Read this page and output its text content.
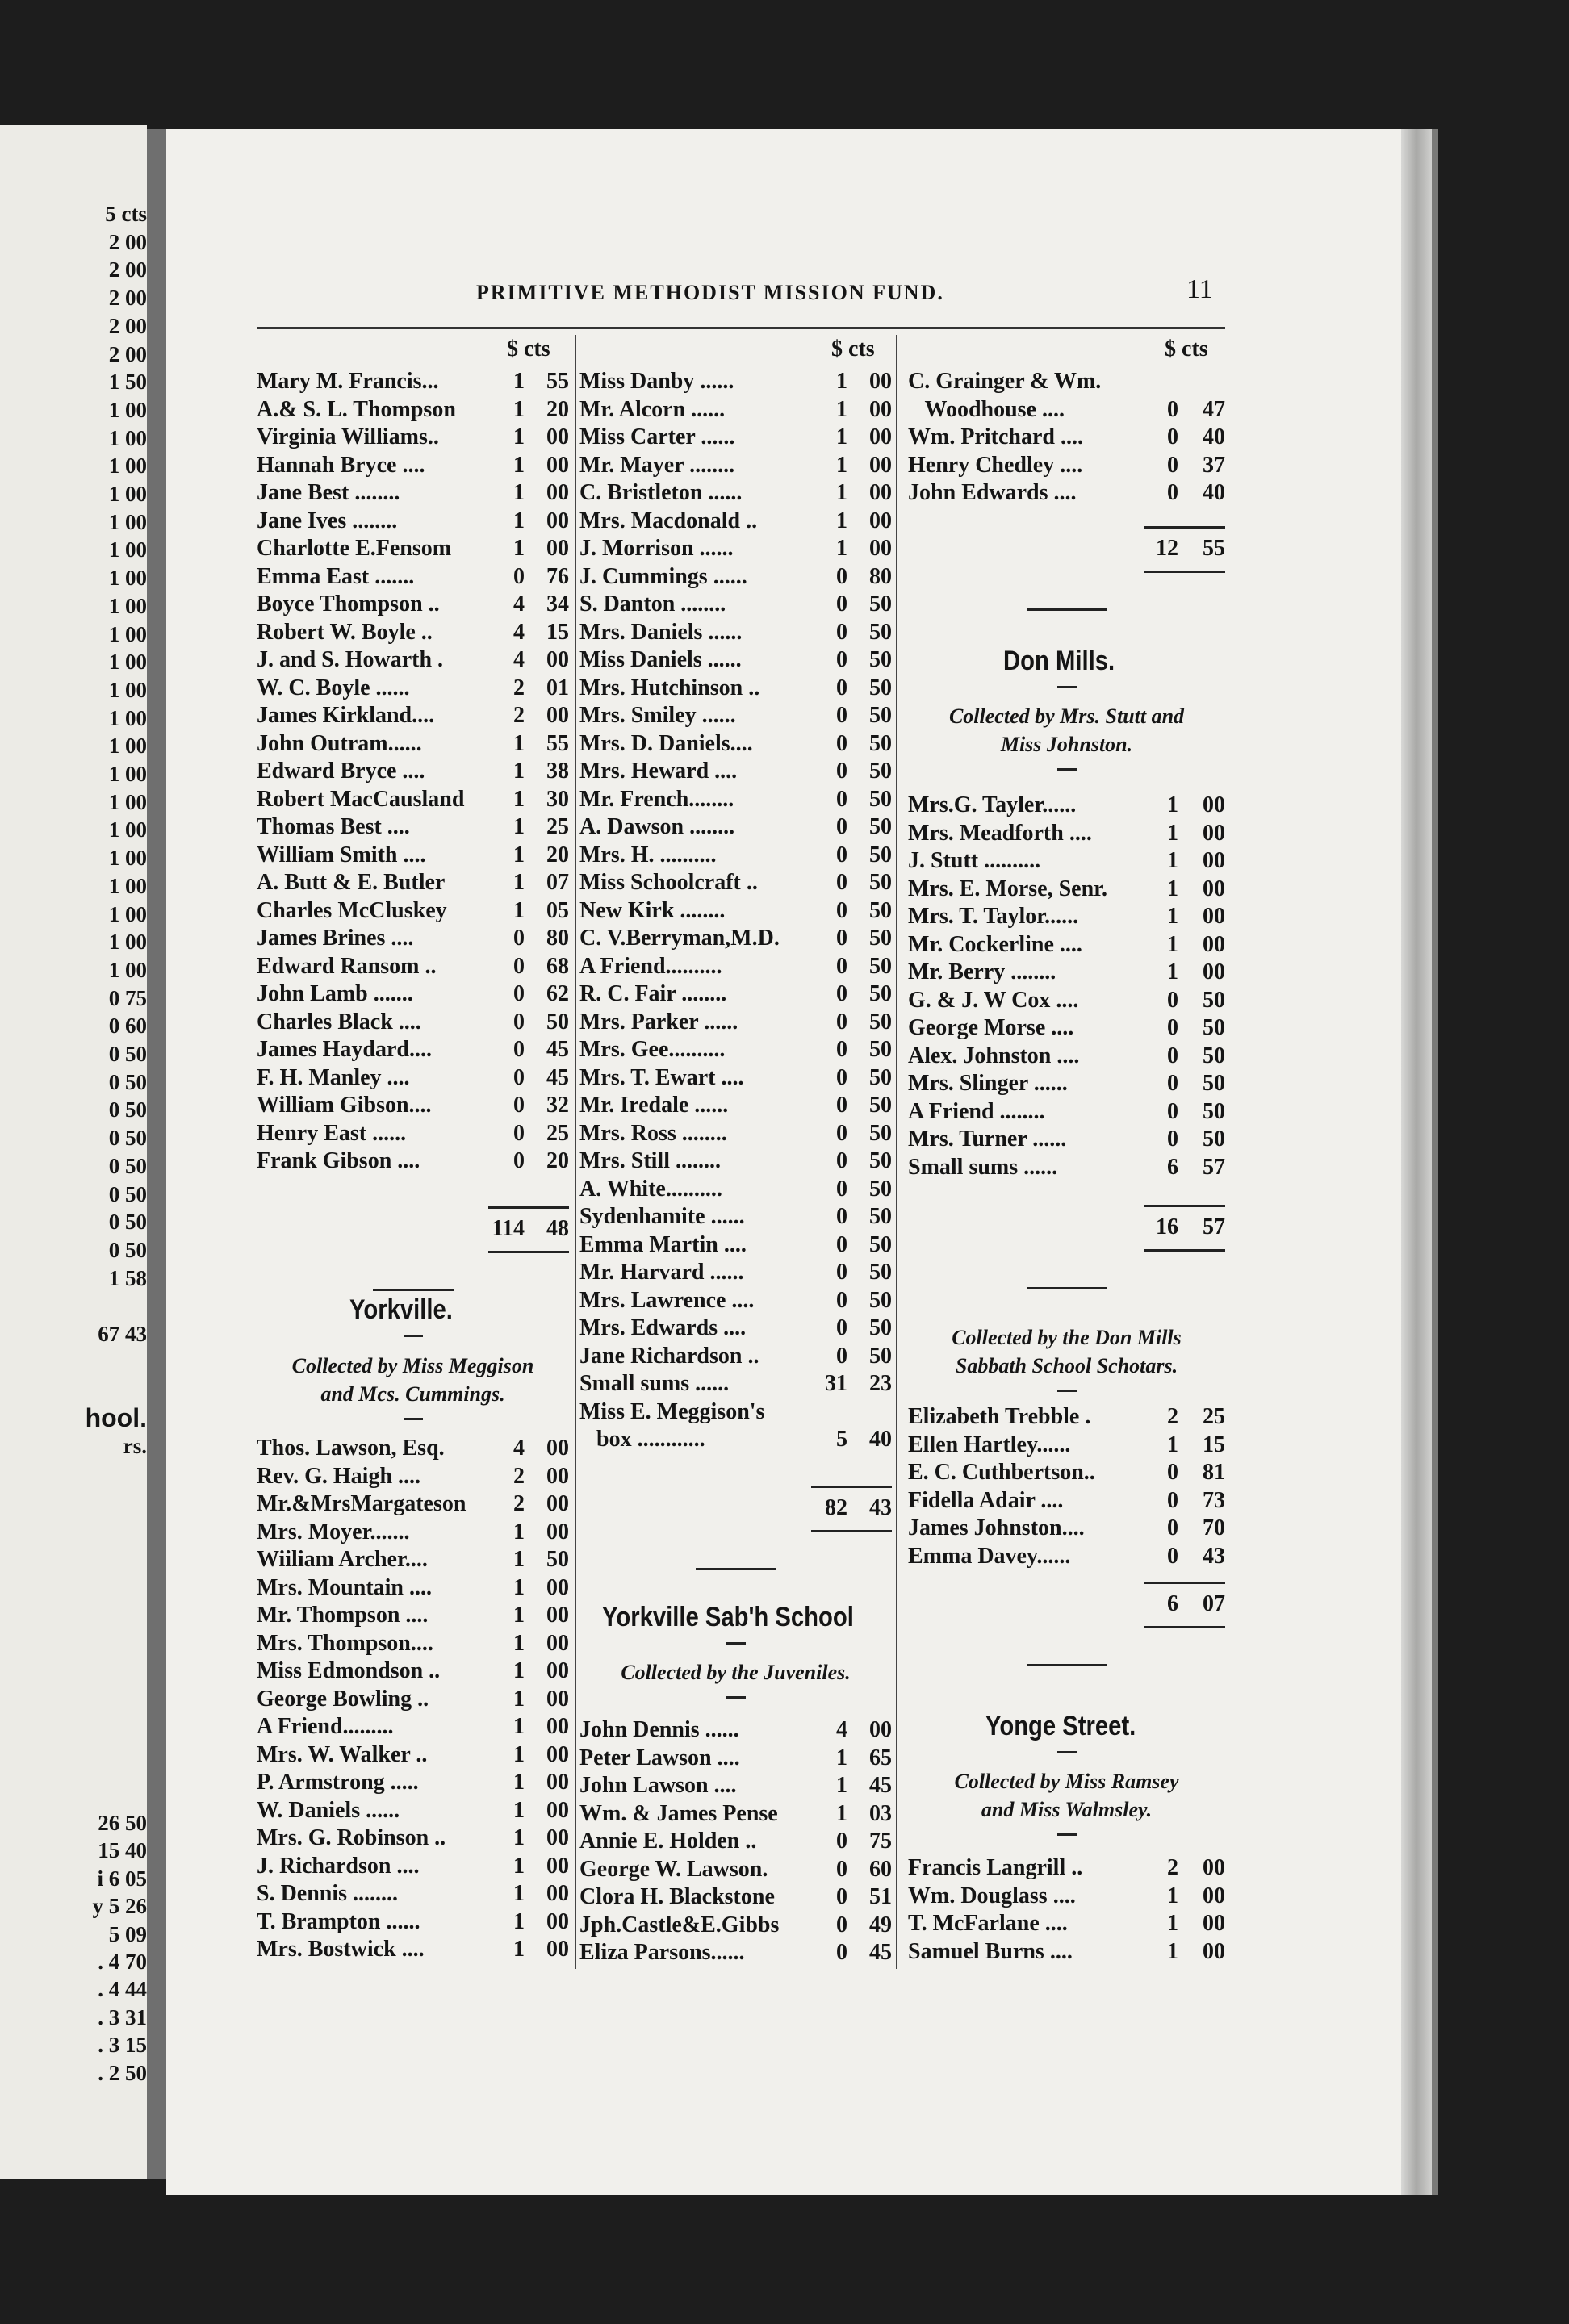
5 cts
2 00
2 00
2 00
2 00
2 00
1 50
1 00
1 00
1 00
1 00
1 00
1 00
1 00
1 00
1 00
1 00
1 00
1 00
1 00
1 00
1 00
1 00
1 00
1 00
1 00
1 00
1 00
0 75
0 60
0 50
0 50
0 50
0 50
0 50
0 50
0 50
0 50
1 58
67 43
hool.
rs.
26 50
15 40
i 6 05
y 5 26
5 09
. 4 70
. 4 44
. 3 31
. 3 15
. 2 50
PRIMITIVE METHODIST MISSION FUND.	11
$ cts
Mary M. Francis...	1 55
A.& S. L. Thompson	1 20
Virginia Williams..	1 00
Hannah Bryce ....	1 00
Jane Best ........	1 00
Jane Ives ........	1 00
Charlotte E.Fensom	1 00
Emma East .......	0 76
Boyce Thompson ..	4 34
Robert W. Boyle ..	4 15
J. and S. Howarth .	4 00
W. C. Boyle ......	2 01
James Kirkland....	2 00
John Outram......	1 55
Edward Bryce ....	1 38
Robert MacCausland 1 30
Thomas Best ....	1 25
William Smith ....	1 20
A. Butt & E. Butler	1 07
Charles McCluskey	1 05
James Brines ....	0 80
Edward Ransom ..	0 68
John Lamb .......	0 62
Charles Black ....	0 50
James Haydard....	0 45
F. H. Manley ....	0 45
William Gibson....	0 32
Henry East ......	0 25
Frank Gibson ....	0 20
114 48
Yorkville.
Collected by Miss Meggison
and Mcs. Cummings.
Thos. Lawson, Esq.	4 00
Rev. G. Haigh ....	2 00
Mr.&MrsMargateson 2 00
Mrs. Moyer.......	1 00
Wiiliam Archer....	1 50
Mrs. Mountain ....	1 00
Mr. Thompson ....	1 00
Mrs. Thompson....	1 00
Miss Edmondson ..	1 00
George Bowling ..	1 00
A Friend.........	1 00
Mrs. W. Walker ..	1 00
P. Armstrong .....	1 00
W. Daniels ......	1 00
Mrs. G. Robinson ..	1 00
J. Richardson ....	1 00
S. Dennis ........	1 00
T. Brampton ......	1 00
Mrs. Bostwick ....	1 00
$ cts
Miss Danby ......	1 00
Mr. Alcorn ......	1 00
Miss Carter ......	1 00
Mr. Mayer ........	1 00
C. Bristleton ......	1 00
Mrs. Macdonald ..	1 00
J. Morrison ......	1 00
J. Cummings ......	0 80
S. Danton ........	0 50
Mrs. Daniels ......	0 50
Miss Daniels ......	0 50
Mrs. Hutchinson ..	0 50
Mrs. Smiley ......	0 50
Mrs. D. Daniels....	0 50
Mrs. Heward ....	0 50
Mr. French........	0 50
A. Dawson ........	0 50
Mrs. H. ..........	0 50
Miss Schoolcraft ..	0 50
New Kirk ........	0 50
C. V.Berryman,M.D.	0 50
A Friend..........	0 50
R. C. Fair ........	0 50
Mrs. Parker ......	0 50
Mrs. Gee..........	0 50
Mrs. T. Ewart ....	0 50
Mr. Iredale ......	0 50
Mrs. Ross ........	0 50
Mrs. Still ........	0 50
A. White..........	0 50
Sydenhamite ......	0 50
Emma Martin ....	0 50
Mr. Harvard ......	0 50
Mrs. Lawrence ....	0 50
Mrs. Edwards ....	0 50
Jane Richardson ..	0 50
Small sums ......	31 23
Miss E. Meggison's
box ............	5 40
82 43
Yorkville Sab'h School
Collected by the Juveniles.
John Dennis ......	4 00
Peter Lawson ....	1 65
John Lawson ....	1 45
Wm. & James Pense	1 03
Annie E. Holden ..	0 75
George W. Lawson.	0 60
Clora H. Blackstone	0 51
Jph.Castle&E.Gibbs	0 49
Eliza Parsons......	0 45
$ cts
C. Grainger & Wm.
Woodhouse ....	0 47
Wm. Pritchard ....	0 40
Henry Chedley ....	0 37
John Edwards ....	0 40
12 55
Don Mills.
Collected by Mrs. Stutt and
Miss Johnston.
Mrs.G. Tayler......	1 00
Mrs. Meadforth ....	1 00
J. Stutt ..........	1 00
Mrs. E. Morse, Senr.	1 00
Mrs. T. Taylor......	1 00
Mr. Cockerline ....	1 00
Mr. Berry ........	1 00
G. & J. W Cox ....	0 50
George Morse ....	0 50
Alex. Johnston ....	0 50
Mrs. Slinger ......	0 50
A Friend ........	0 50
Mrs. Turner ......	0 50
Small sums ......	6 57
16 57
Collected by the Don Mills
Sabbath School Schotars.
Elizabeth Trebble .	2 25
Ellen Hartley......	1 15
E. C. Cuthbertson..	0 81
Fidella Adair ....	0 73
James Johnston....	0 70
Emma Davey......	0 43
6 07
Yonge Street.
Collected by Miss Ramsey
and Miss Walmsley.
Francis Langrill ..	2 00
Wm. Douglass ....	1 00
T. McFarlane ....	1 00
Samuel Burns ....	1 00
